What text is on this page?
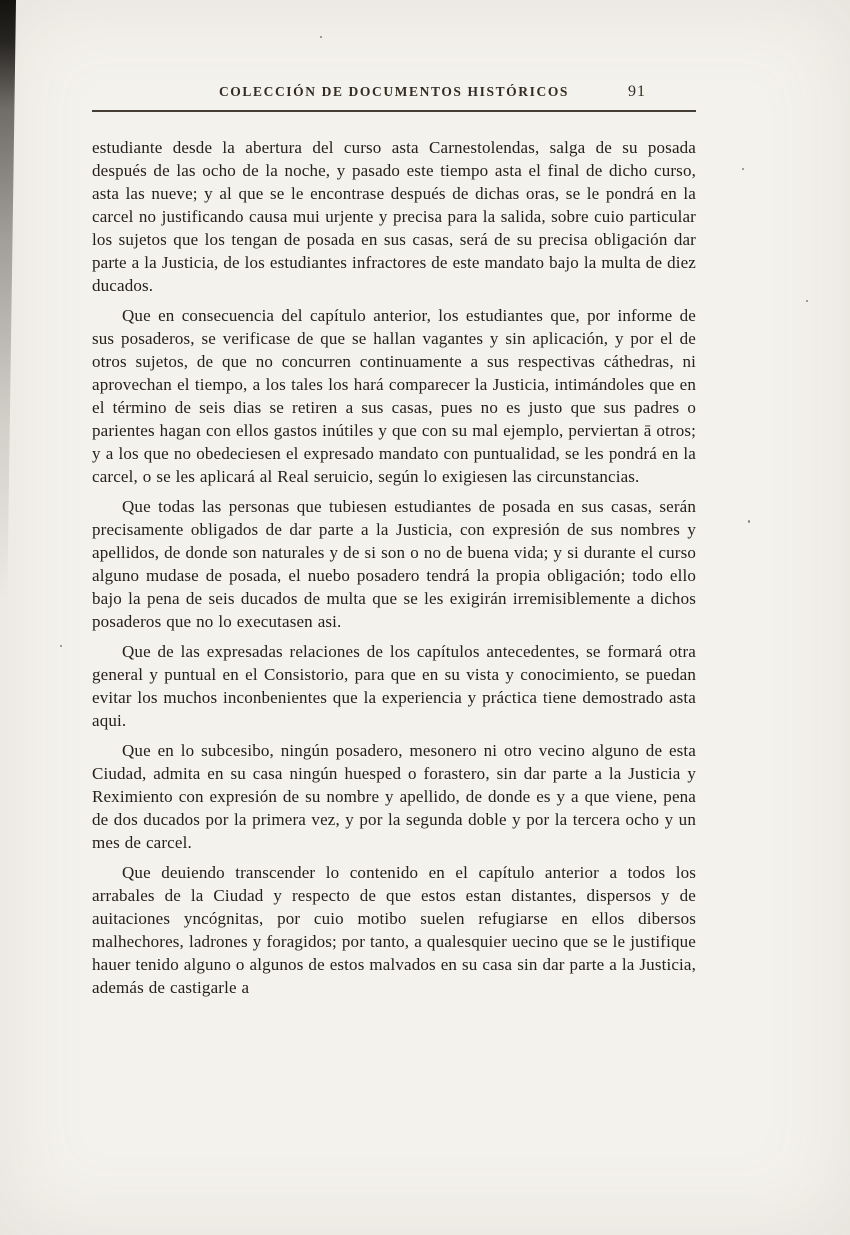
COLECCIÓN DE DOCUMENTOS HISTÓRICOS	91

estudiante desde la abertura del curso asta Carnestolendas, salga de su posada después de las ocho de la noche, y pasado este tiempo asta el final de dicho curso, asta las nueve; y al que se le encontrase después de dichas oras, se le pondrá en la carcel no justificando causa mui urjente y precisa para la salida, sobre cuio particular los sujetos que los tengan de posada en sus casas, será de su precisa obligación dar parte a la Justicia, de los estudiantes infractores de este mandato bajo la multa de diez ducados.

Que en consecuencia del capítulo anterior, los estudiantes que, por informe de sus posaderos, se verificase de que se hallan vagantes y sin aplicación, y por el de otros sujetos, de que no concurren continuamente a sus respectivas cáthedras, ni aprovechan el tiempo, a los tales los hará comparecer la Justicia, intimándoles que en el término de seis dias se retiren a sus casas, pues no es justo que sus padres o parientes hagan con ellos gastos inútiles y que con su mal ejemplo, perviertan ā otros; y a los que no obedeciesen el expresado mandato con puntualidad, se les pondrá en la carcel, o se les aplicará al Real seruicio, según lo exigiesen las circunstancias.

Que todas las personas que tubiesen estudiantes de posada en sus casas, serán precisamente obligados de dar parte a la Justicia, con expresión de sus nombres y apellidos, de donde son naturales y de si son o no de buena vida; y si durante el curso alguno mudase de posada, el nuebo posadero tendrá la propia obligación; todo ello bajo la pena de seis ducados de multa que se les exigirán irremisiblemente a dichos posaderos que no lo executasen asi.

Que de las expresadas relaciones de los capítulos antecedentes, se formará otra general y puntual en el Consistorio, para que en su vista y conocimiento, se puedan evitar los muchos inconbenientes que la experiencia y práctica tiene demostrado asta aqui.

Que en lo subcesibo, ningún posadero, mesonero ni otro vecino alguno de esta Ciudad, admita en su casa ningún huesped o forastero, sin dar parte a la Justicia y Reximiento con expresión de su nombre y apellido, de donde es y a que viene, pena de dos ducados por la primera vez, y por la segunda doble y por la tercera ocho y un mes de carcel.

Que deuiendo transcender lo contenido en el capítulo anterior a todos los arrabales de la Ciudad y respecto de que estos estan distantes, dispersos y de auitaciones yncógnitas, por cuio motibo suelen refugiarse en ellos dibersos malhechores, ladrones y foragidos; por tanto, a qualesquier uecino que se le justifique hauer tenido alguno o algunos de estos malvados en su casa sin dar parte a la Justicia, además de castigarle a
